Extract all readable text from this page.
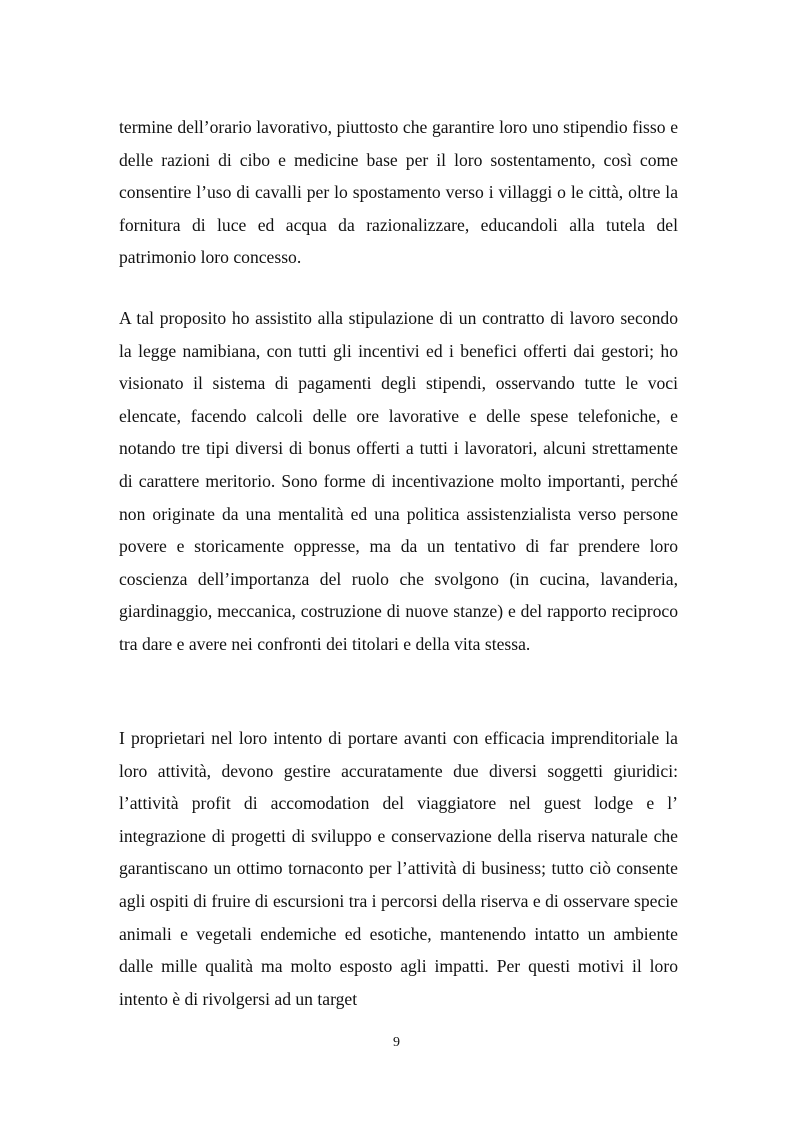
termine dell’orario lavorativo, piuttosto che garantire loro uno stipendio fisso e delle razioni di cibo e medicine base per il loro sostentamento, così come consentire l’uso di cavalli per lo spostamento verso i villaggi o le città, oltre la fornitura di luce ed acqua da razionalizzare, educandoli alla tutela del patrimonio loro concesso.

A tal proposito ho assistito alla stipulazione di un contratto di lavoro secondo la legge namibiana, con tutti gli incentivi ed i benefici offerti dai gestori; ho visionato il sistema di pagamenti degli stipendi, osservando tutte le voci elencate, facendo calcoli delle ore lavorative e delle spese telefoniche, e notando tre tipi diversi di bonus offerti a tutti i lavoratori, alcuni strettamente di carattere meritorio. Sono forme di incentivazione molto importanti, perché non originate da una mentalità ed una politica assistenzialista verso persone povere e storicamente oppresse, ma da un tentativo di far prendere loro coscienza dell’importanza del ruolo che svolgono (in cucina, lavanderia, giardinaggio, meccanica, costruzione di nuove stanze) e del rapporto reciproco tra dare e avere nei confronti dei titolari e della vita stessa.

I proprietari nel loro intento di portare avanti con efficacia imprenditoriale la loro attività, devono gestire accuratamente due diversi soggetti giuridici: l’attività profit di accomodation del viaggiatore nel guest lodge e l’ integrazione di progetti di sviluppo e conservazione della riserva naturale che garantiscano un ottimo tornaconto per l’attività di business; tutto ciò consente agli ospiti di fruire di escursioni tra i percorsi della riserva e di osservare specie animali e vegetali endemiche ed esotiche, mantenendo intatto un ambiente dalle mille qualità ma molto esposto agli impatti. Per questi motivi il loro intento è di rivolgersi ad un target

9
